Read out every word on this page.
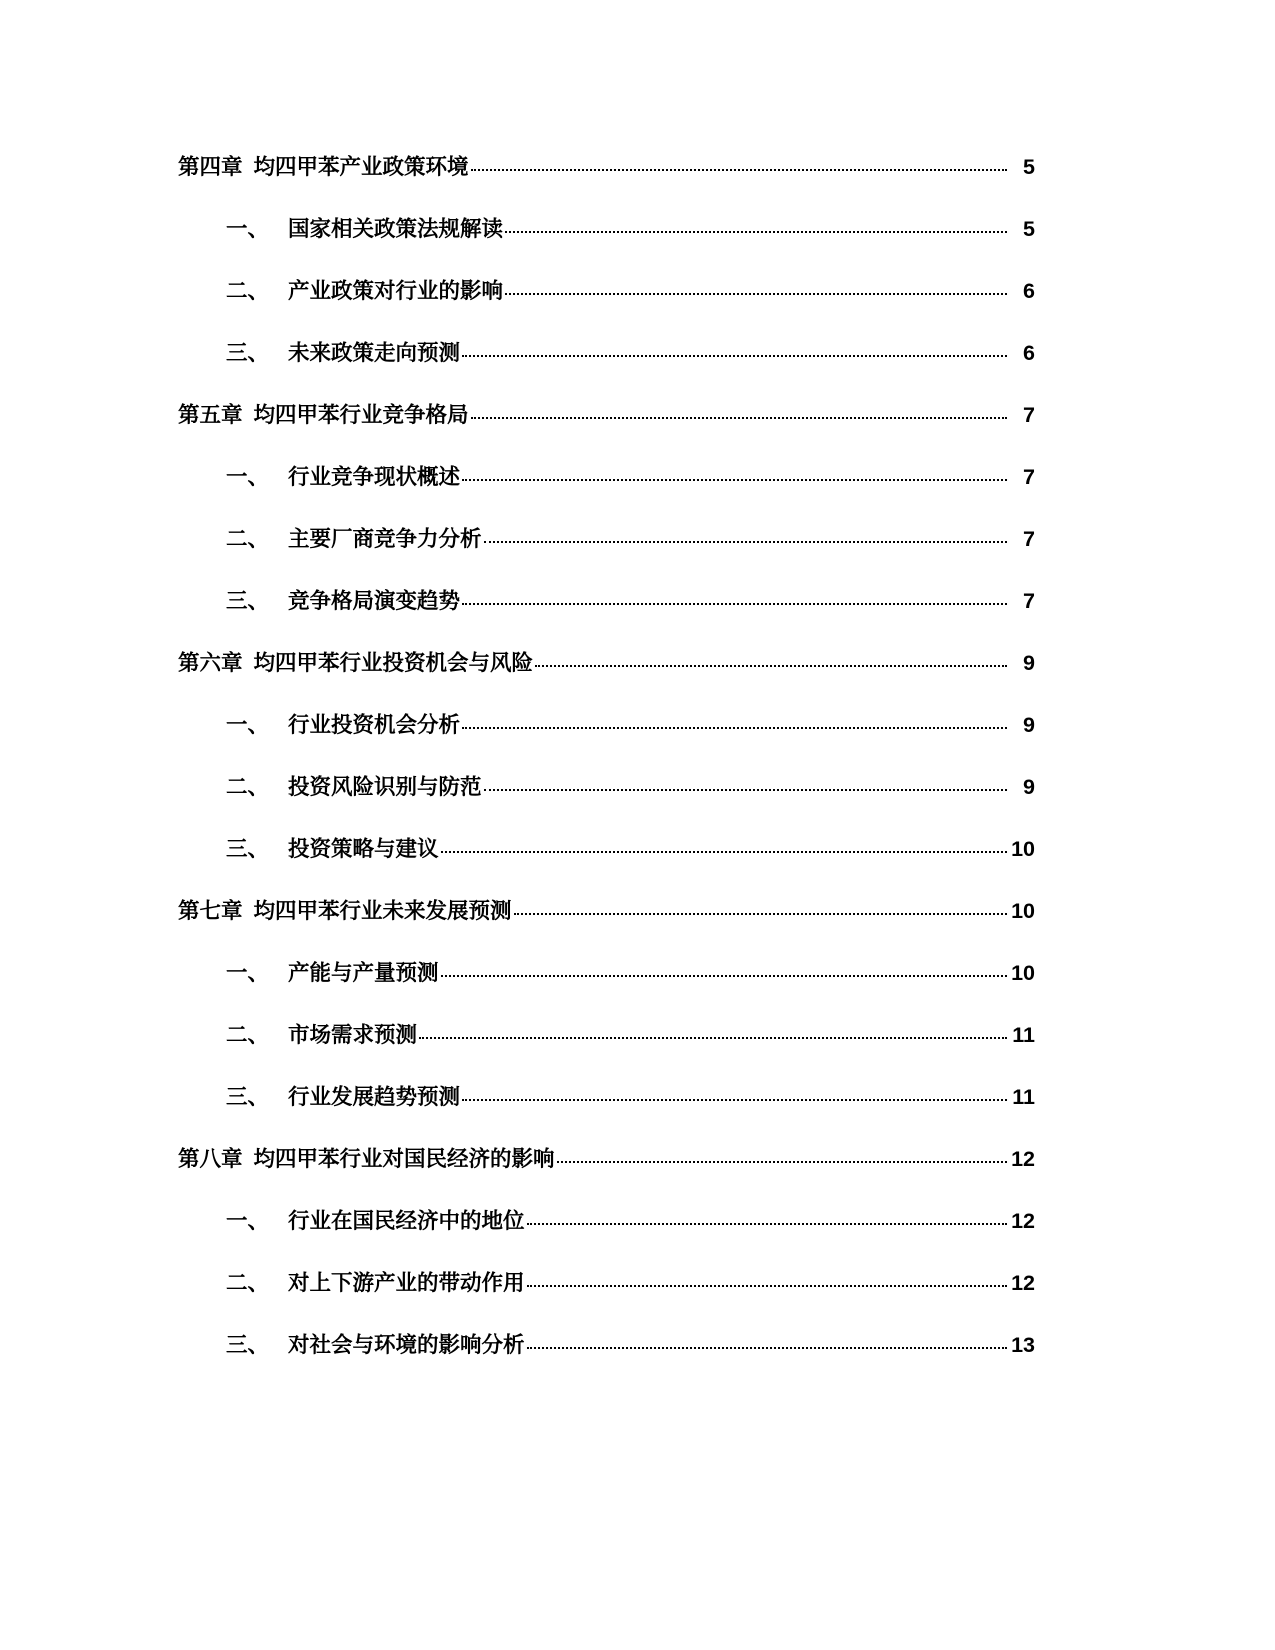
第四章 均四甲苯产业政策环境	5
一、 国家相关政策法规解读	5
二、 产业政策对行业的影响	6
三、 未来政策走向预测	6
第五章 均四甲苯行业竞争格局	7
一、 行业竞争现状概述	7
二、 主要厂商竞争力分析	7
三、 竞争格局演变趋势	7
第六章 均四甲苯行业投资机会与风险	9
一、 行业投资机会分析	9
二、 投资风险识别与防范	9
三、 投资策略与建议	10
第七章 均四甲苯行业未来发展预测	10
一、 产能与产量预测	10
二、 市场需求预测	11
三、 行业发展趋势预测	11
第八章 均四甲苯行业对国民经济的影响	12
一、 行业在国民经济中的地位	12
二、 对上下游产业的带动作用	12
三、 对社会与环境的影响分析	13
